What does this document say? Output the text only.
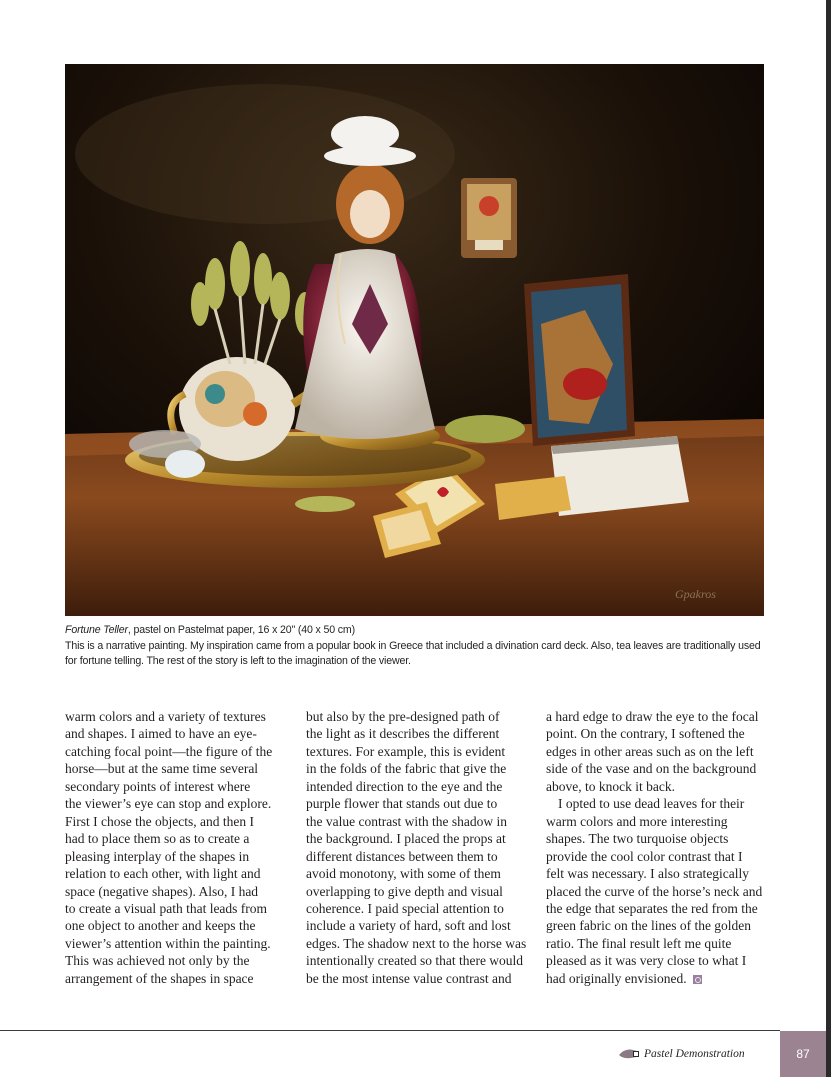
Gpakros

Fortune Teller, pastel on Pastelmat paper, 16 x 20" (40 x 50 cm)

This is a narrative painting. My inspiration came from a popular book in Greece that included a divination card deck. Also, tea leaves are traditionally used for fortune telling. The rest of the story is left to the imagination of the viewer.

warm colors and a variety of textures
and shapes. I aimed to have an eye-
catching focal point—the figure of the
horse—but at the same time several
secondary points of interest where
the viewer’s eye can stop and explore.
First I chose the objects, and then I
had to place them so as to create a
pleasing interplay of the shapes in
relation to each other, with light and
space (negative shapes). Also, I had
to create a visual path that leads from
one object to another and keeps the
viewer’s attention within the painting.
This was achieved not only by the
arrangement of the shapes in space
but also by the pre-designed path of
the light as it describes the different
textures. For example, this is evident
in the folds of the fabric that give the
intended direction to the eye and the
purple flower that stands out due to
the value contrast with the shadow in
the background. I placed the props at
different distances between them to
avoid monotony, with some of them
overlapping to give depth and visual
coherence. I paid special attention to
include a variety of hard, soft and lost
edges. The shadow next to the horse was
intentionally created so that there would
be the most intense value contrast and
a hard edge to draw the eye to the focal
point. On the contrary, I softened the
edges in other areas such as on the left
side of the vase and on the background
above, to knock it back.
I opted to use dead leaves for their
warm colors and more interesting
shapes. The two turquoise objects
provide the cool color contrast that I
felt was necessary. I also strategically
placed the curve of the horse’s neck and
the edge that separates the red from the
green fabric on the lines of the golden
ratio. The final result left me quite
pleased as it was very close to what I
had originally envisioned.
Pastel Demonstration	87
